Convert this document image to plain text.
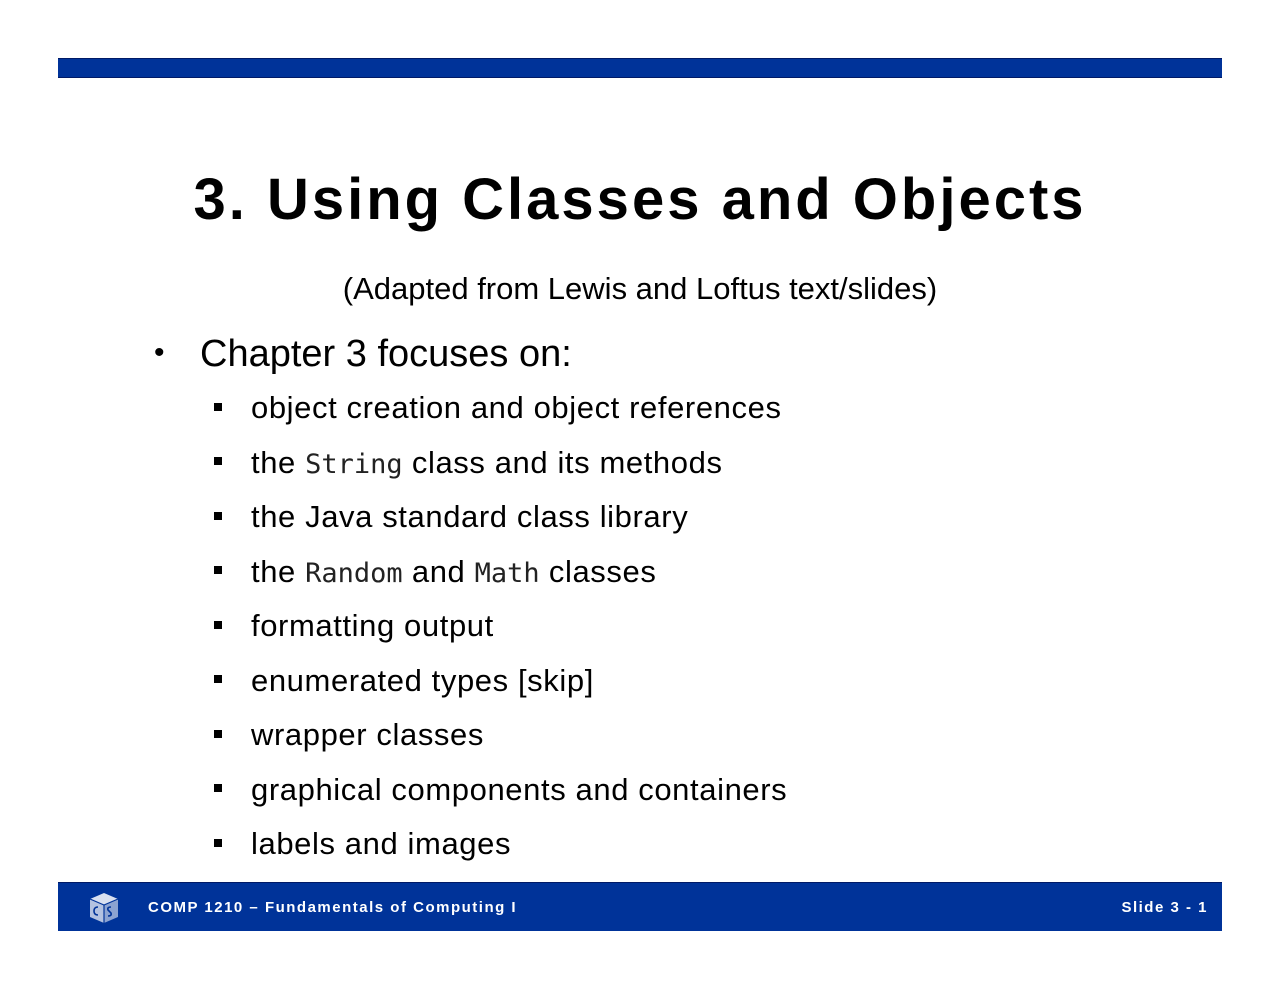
3. Using Classes and Objects
(Adapted from Lewis and Loftus text/slides)
• Chapter 3 focuses on:
object creation and object references
the String class and its methods
the Java standard class library
the Random and Math classes
formatting output
enumerated types [skip]
wrapper classes
graphical components and containers
labels and images
COMP 1210 – Fundamentals of Computing I	Slide 3 - 1
